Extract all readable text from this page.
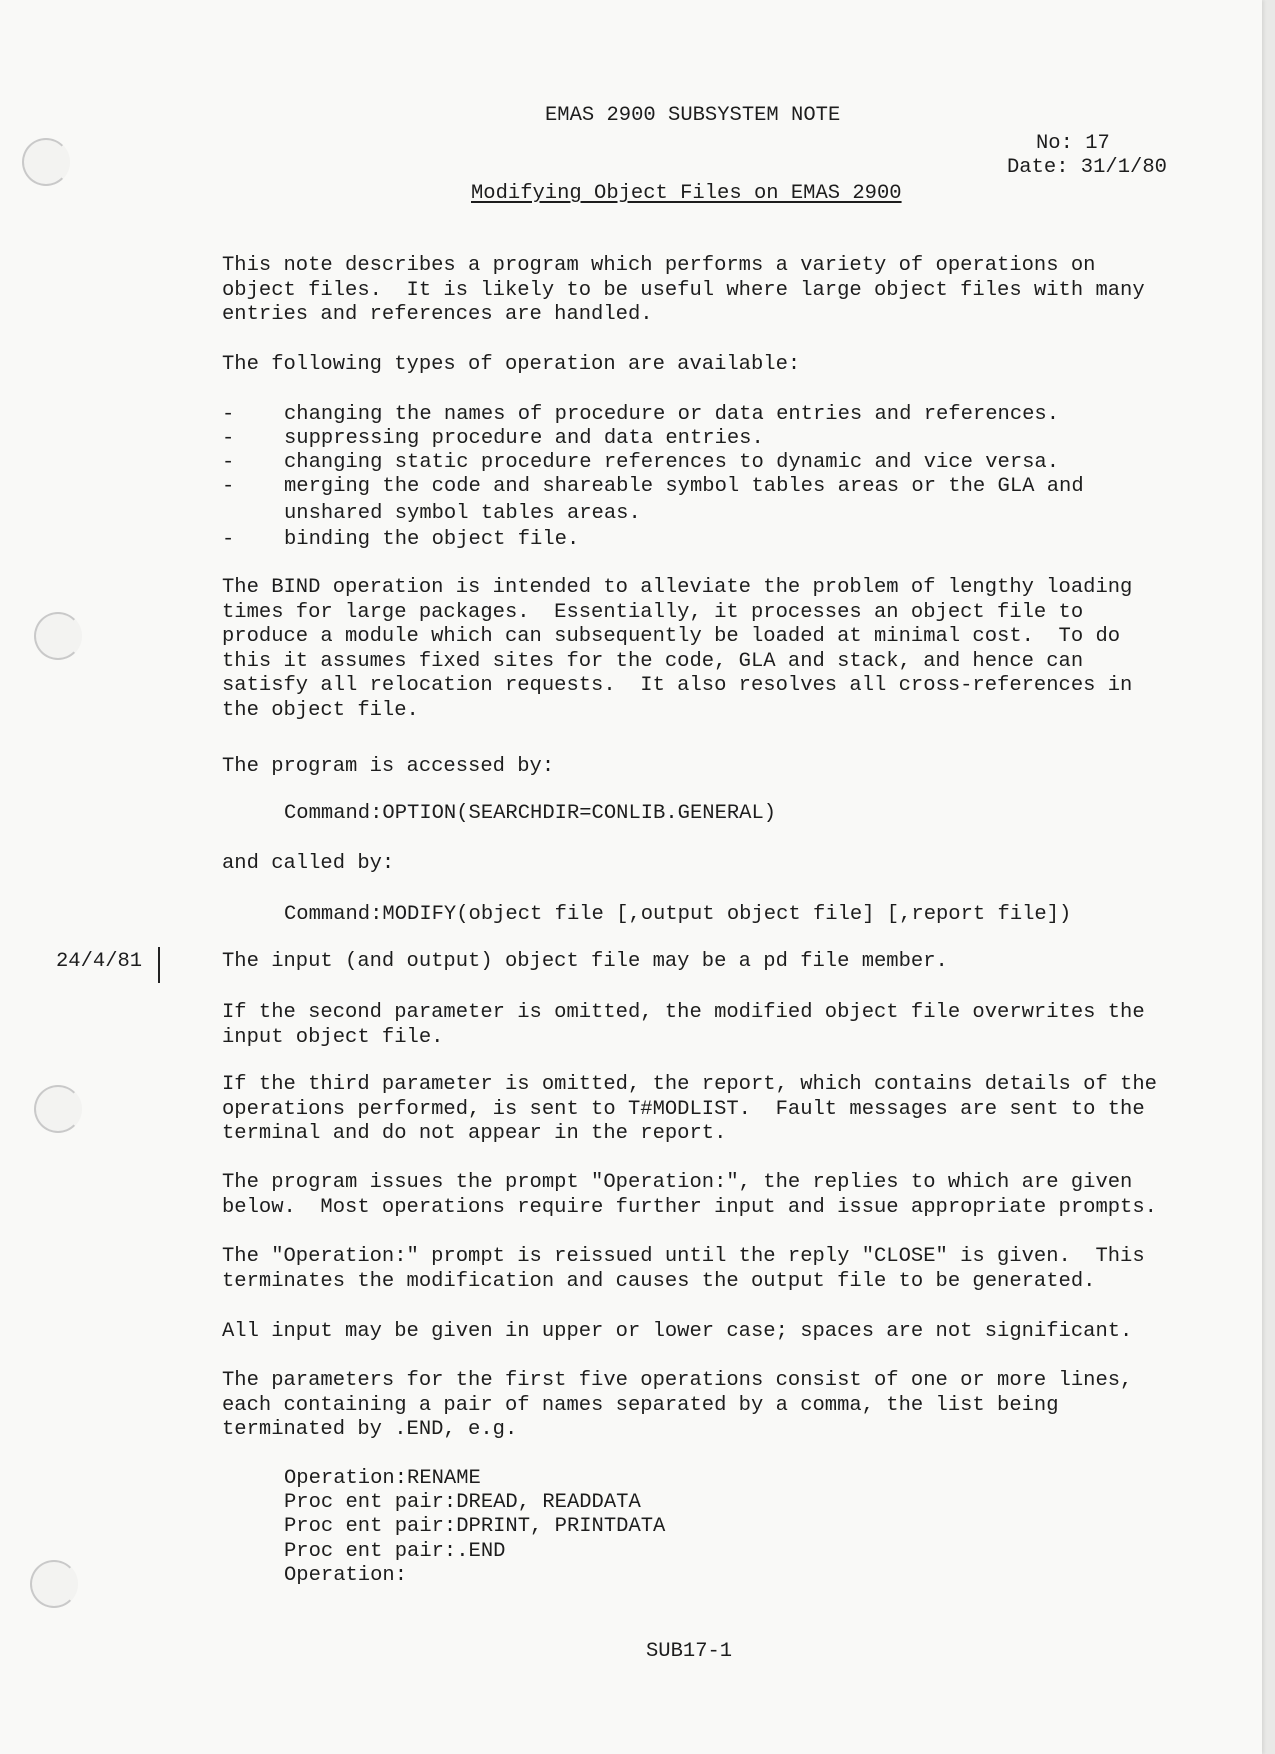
EMAS 2900 SUBSYSTEM NOTE

No: 17

Date: 31/1/80

Modifying Object Files on EMAS 2900

This note describes a program which performs a variety of operations on

object files.  It is likely to be useful where large object files with many

entries and references are handled.

The following types of operation are available:

- changing the names of procedure or data entries and references.

- suppressing procedure and data entries.

- changing static procedure references to dynamic and vice versa.

- merging the code and shareable symbol tables areas or the GLA and

unshared symbol tables areas.

- binding the object file.

The BIND operation is intended to alleviate the problem of lengthy loading

times for large packages.  Essentially, it processes an object file to

produce a module which can subsequently be loaded at minimal cost.  To do

this it assumes fixed sites for the code, GLA and stack, and hence can

satisfy all relocation requests.  It also resolves all cross-references in

the object file.

The program is accessed by:

Command:OPTION(SEARCHDIR=CONLIB.GENERAL)

and called by:

Command:MODIFY(object file [,output object file] [,report file])

24/4/81	The input (and output) object file may be a pd file member.

If the second parameter is omitted, the modified object file overwrites the

input object file.

If the third parameter is omitted, the report, which contains details of the

operations performed, is sent to T#MODLIST.  Fault messages are sent to the

terminal and do not appear in the report.

The program issues the prompt "Operation:", the replies to which are given

below.  Most operations require further input and issue appropriate prompts.

The "Operation:" prompt is reissued until the reply "CLOSE" is given.  This

terminates the modification and causes the output file to be generated.

All input may be given in upper or lower case; spaces are not significant.

The parameters for the first five operations consist of one or more lines,

each containing a pair of names separated by a comma, the list being

terminated by .END, e.g.

Operation:RENAME

Proc ent pair:DREAD, READDATA

Proc ent pair:DPRINT, PRINTDATA

Proc ent pair:.END

Operation:

SUB17-1
